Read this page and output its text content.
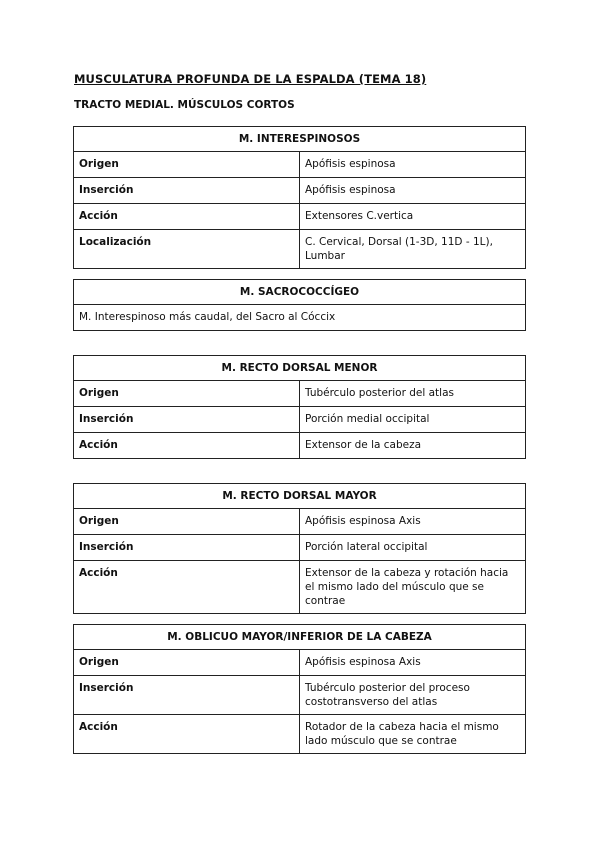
MUSCULATURA PROFUNDA DE LA ESPALDA (TEMA 18)
TRACTO MEDIAL. MÚSCULOS CORTOS
M. INTERESPINOSOS	
Origen	Apófisis espinosa
Inserción	Apófisis espinosa
Acción	Extensores C.vertica
Localización	C. Cervical, Dorsal (1-3D, 11D - 1L), Lumbar
M. SACROCOCCÍGEO
M. Interespinoso más caudal, del Sacro al Cóccix
M. RECTO DORSAL MENOR	
Origen	Tubérculo posterior del atlas
Inserción	Porción medial occipital
Acción	Extensor de la cabeza
M. RECTO DORSAL MAYOR	
Origen	Apófisis espinosa Axis
Inserción	Porción lateral occipital
Acción	Extensor de la cabeza y rotación hacia el mismo lado del músculo que se contrae
M. OBLICUO MAYOR/INFERIOR DE LA CABEZA	
Origen	Apófisis espinosa Axis
Inserción	Tubérculo posterior del proceso costotransverso del atlas
Acción	Rotador de la cabeza hacia el mismo lado músculo que se contrae
